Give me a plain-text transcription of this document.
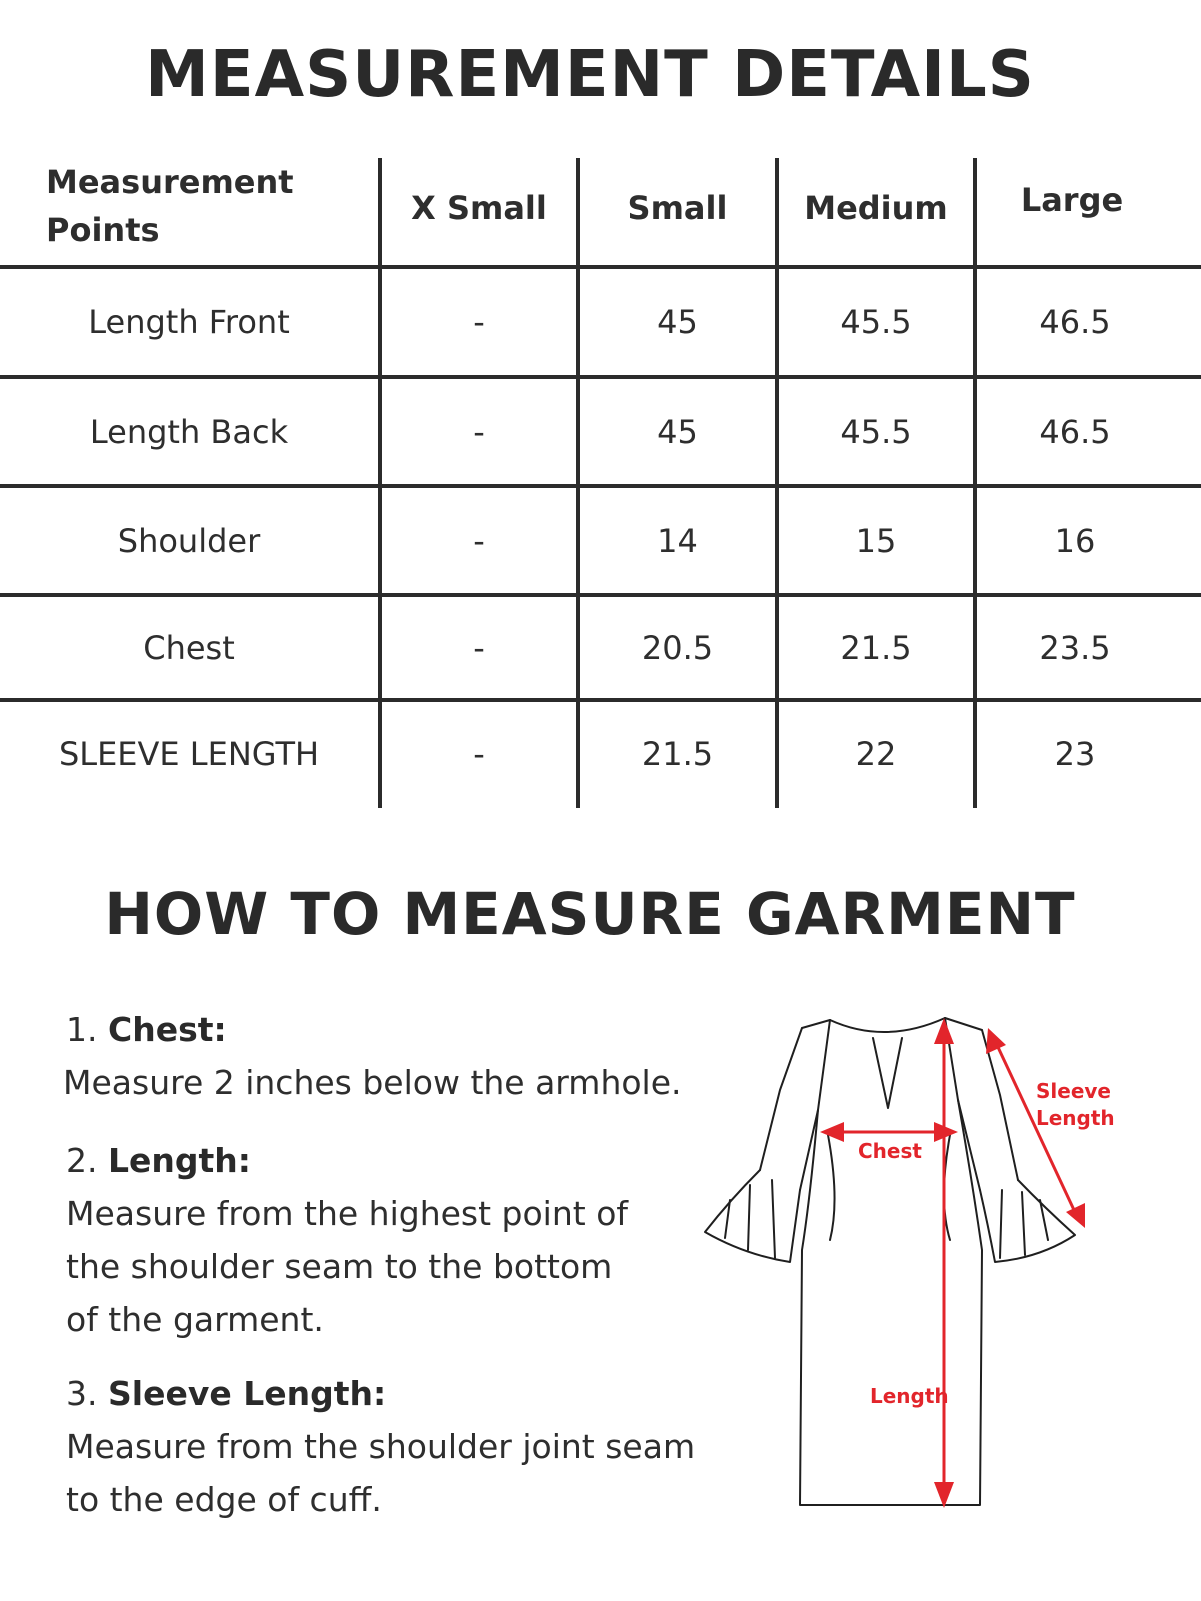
MEASUREMENT DETAILS
Measurement
Points
X Small	Small	Medium	Large
Length Front	-	45	45.5	46.5
Length Back	-	45	45.5	46.5
Shoulder	-	14	15	16
Chest	-	20.5	21.5	23.5
SLEEVE LENGTH	-	21.5	22	23
HOW TO MEASURE GARMENT
1. Chest:
Measure 2 inches below the armhole.
2. Length:
Measure from the highest point of
the shoulder seam to the bottom
of the garment.
3. Sleeve Length:
Measure from the shoulder joint seam
to the edge of cuff.
Chest
Length
Sleeve
Length
